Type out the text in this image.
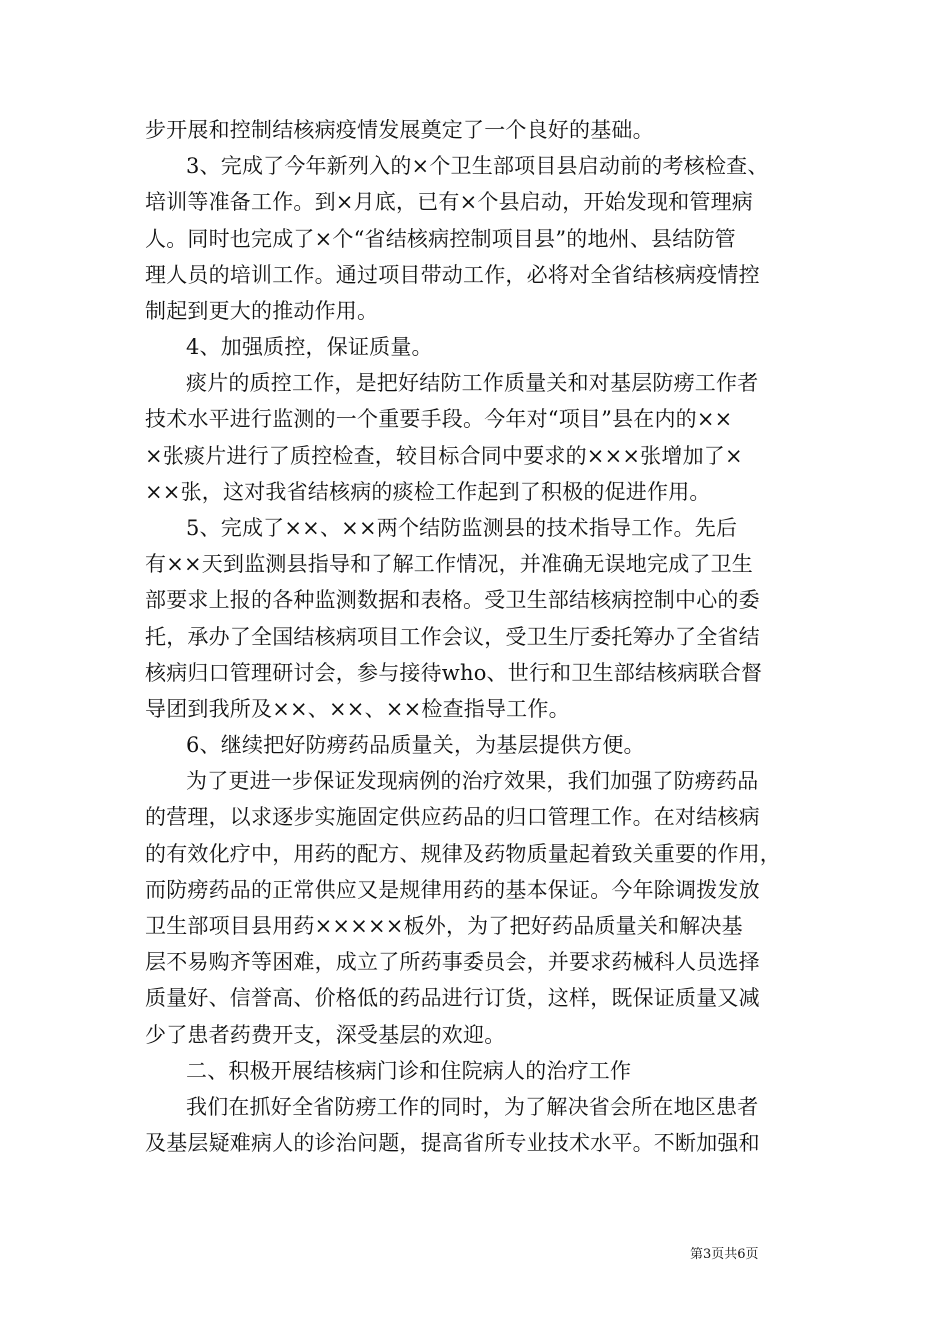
步开展和控制结核病疫情发展奠定了一个良好的基础。
3、完成了今年新列入的×个卫生部项目县启动前的考核检查、
培训等准备工作。到×月底，已有×个县启动，开始发现和管理病
人。同时也完成了×个“省结核病控制项目县”的地州、县结防管
理人员的培训工作。通过项目带动工作，必将对全省结核病疫情控
制起到更大的推动作用。
4、加强质控，保证质量。
痰片的质控工作，是把好结防工作质量关和对基层防痨工作者
技术水平进行监测的一个重要手段。今年对“项目”县在内的××
×张痰片进行了质控检查，较目标合同中要求的×××张增加了×
××张，这对我省结核病的痰检工作起到了积极的促进作用。
5、完成了××、××两个结防监测县的技术指导工作。先后
有××天到监测县指导和了解工作情况，并准确无误地完成了卫生
部要求上报的各种监测数据和表格。受卫生部结核病控制中心的委
托，承办了全国结核病项目工作会议，受卫生厅委托筹办了全省结
核病归口管理研讨会，参与接待who、世行和卫生部结核病联合督
导团到我所及××、××、××检查指导工作。
6、继续把好防痨药品质量关，为基层提供方便。
为了更进一步保证发现病例的治疗效果，我们加强了防痨药品
的营理，以求逐步实施固定供应药品的归口管理工作。在对结核病
的有效化疗中，用药的配方、规律及药物质量起着致关重要的作用，
而防痨药品的正常供应又是规律用药的基本保证。今年除调拨发放
卫生部项目县用药×××××板外，为了把好药品质量关和解决基
层不易购齐等困难，成立了所药事委员会，并要求药械科人员选择
质量好、信誉高、价格低的药品进行订货，这样，既保证质量又减
少了患者药费开支，深受基层的欢迎。
二、积极开展结核病门诊和住院病人的治疗工作
我们在抓好全省防痨工作的同时，为了解决省会所在地区患者
及基层疑难病人的诊治问题，提高省所专业技术水平。不断加强和
第3页共6页
